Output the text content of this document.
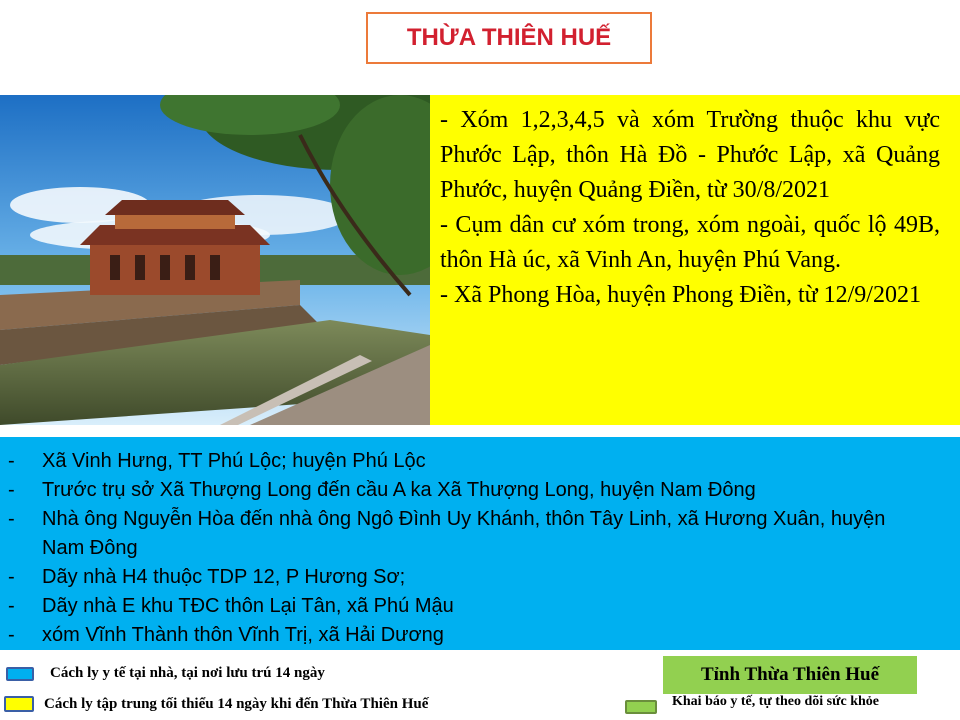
THỪA THIÊN HUẾ

- Xóm 1,2,3,4,5 và xóm Trường thuộc khu vực Phước Lập, thôn Hà Đồ - Phước Lập, xã Quảng Phước, huyện Quảng Điền, từ 30/8/2021

- Cụm dân cư xóm trong, xóm ngoài, quốc lộ 49B, thôn Hà úc, xã Vinh An, huyện Phú Vang.

- Xã Phong Hòa, huyện Phong Điền, từ 12/9/2021

-	Xã Vinh Hưng, TT Phú Lộc; huyện Phú Lộc
-	Trước trụ sở Xã Thượng Long đến cầu A ka Xã Thượng Long, huyện Nam Đông
-	Nhà ông Nguyễn Hòa đến nhà ông Ngô Đình Uy Khánh, thôn Tây Linh, xã Hương Xuân, huyện Nam Đông
-	Dãy nhà H4 thuộc TDP 12, P Hương Sơ;
-	Dãy nhà E khu TĐC thôn Lại Tân, xã Phú Mậu
-	xóm Vĩnh Thành thôn Vĩnh Trị, xã Hải Dương
Cách ly y tế tại nhà, tại nơi lưu trú 14 ngày
Cách ly tập trung tối thiểu 14 ngày khi đến Thừa Thiên Huế	Khai báo y tế, tự theo dõi sức khỏe
Tỉnh Thừa Thiên Huế
